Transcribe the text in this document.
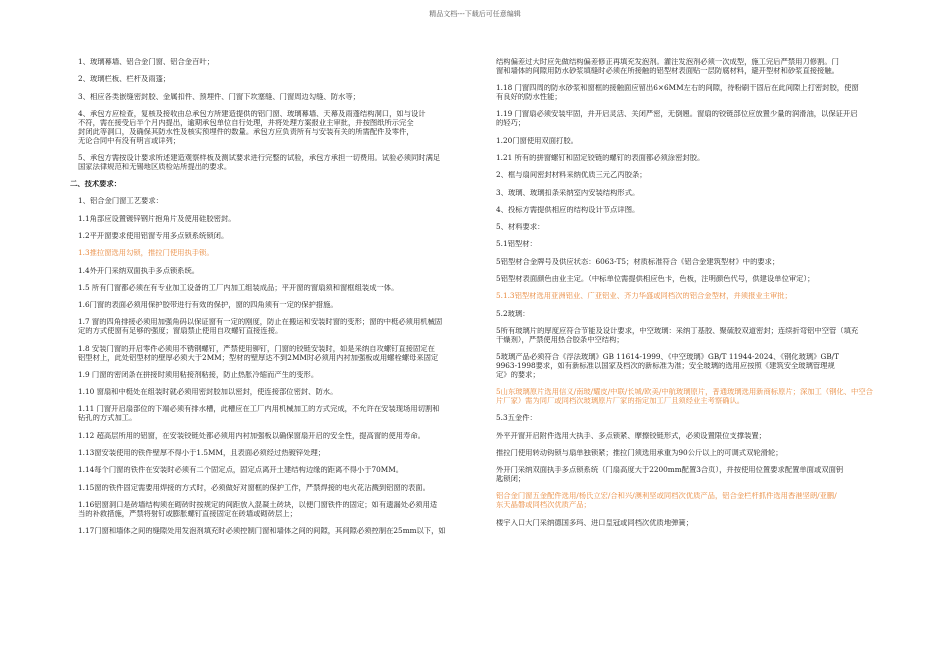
精品文档---下载后可任意编辑
1、玻璃幕墙、铝合金门窗、铝合金百叶；
2、玻璃栏板、栏杆及雨篷；
3、相应各类嵌缝密封胶、金属扣件、预埋件、门窗下坎塞缝、门窗周边勾缝、防水等；
4、承包方应检查，复核及接收由总承包方所建造提供的铝门窗、玻璃幕墙、天幕及雨蓬结构洞口，如与设计
不符，需在接受后半个月内提出，逾期承包单位自行处理，并将处理方案报业主审批，并按图纸所示完全
封闭此等洞口，及确保其防水性及核实预埋件的数量。承包方应负责所有与安装有关的所需配件及零件，
无论合同中有没有明言或详列；
5、承包方需按设计要求所述建造观察样板及测试要求进行完整的试验，承包方承担一切费用。试验必须同时满足
国家法律规范和无锡地区质检站所提出的要求。
二、技术要求：
1、铝合金门窗工艺要求：
1.1角部应设置镀锌钢片抱角片及使用硅胶密封。
1.2平开窗要求使用铝窗专用多点锁系统锁闭。
1.3推拉窗选用勾锁，推拉门使用执手锁。
1.4外开门采纳双面执手多点锁系统。
1.5 所有门窗都必须在有专业加工设备的工厂内加工组装成品；平开窗的窗扇须和窗框组装成一体。
1.6门窗的表面必须用保护胶带进行有效的保护，窗的四角须有一定的保护措施。
1.7 窗的四角排接必须用加强角码以保证窗有一定的刚度，防止在搬运和安装时窗的变形；窗的中梃必须用机械固
定的方式使窗有足够的强度；窗扇禁止使用自攻螺钉直接连接。
1.8 安装门窗的开启零件必须用不锈钢螺钉，严禁使用铆钉，门窗的铰链安装时，如是采纳自攻螺钉直接固定在
铝型材上，此处铝型材的壁厚必须大于2MM；型材的壁厚达不到2MM时必须用内衬加强板或用螺栓螺母来固定
1.9 门窗的密闭条在拼接时须用粘接剂粘接，防止热胀冷缩而产生的变形。
1.10 窗扇和中梃处在组装时就必须用密封胶加以密封，使连接部位密封、防水。
1.11 门窗开启扇部位的下端必须有排水槽，此槽应在工厂内用机械加工的方式完成，不允许在安装现场用切割和
钻孔的方式加工。
1.12 超高层所用的铝窗，在安装铰链处都必须用内衬加强板以确保窗扇开启的安全性，提高窗的使用寿命。
1.13窗安装使用的铁件壁厚不得小于1.5MM，且表面必须经过热镀锌处理；
1.14每个门窗的铁件在安装时必须有二个固定点，固定点离开土建结构边缘的距离不得小于70MM。
1.15窗的铁件固定需要用焊接的方式时，必须做好对窗框的保护工作，严禁焊接的电火花沾溅到铝窗的表面。
1.16铝窗洞口是砖墙结构须在砌砖时按规定的间距放入混凝土砖块，以便门窗铁件的固定；如有遗漏处必须用适
当的补救措施，严禁将射钉或膨胀螺钉直接固定在砖墙或砌砖层上；
1.17门窗和墙体之间的缝隙处用发泡剂填充时必须控制门窗和墙体之间的间隙，其间隙必须控制在25mm以下，如
结构偏差过大时应先做结构偏差修正再填充发泡剂。灌注发泡剂必须一次成型，施工完后严禁用刀修割。门
窗和墙体的间隙用防水砂浆填缝时必须在所接触的铝型材表面贴一层防腐材料，避开型材和砂浆直接接触。
1.18 门窗四周的防水砂浆和窗框的接触面应留出6×6MM左右的间隙，待粉刷干固后在此间隙上打密封胶，使窗
有良好的防水性能；
1.19 门窗扇必须安装牢固，并开启灵活、关闭严密，无倒翘。窗扇的铰链部位应放置少量的润滑油，以保证开启
的轻巧；
1.20门窗使用双面打胶。
1.21 所有的拼窗螺钉和固定铰链的螺钉的表面都必须涂密封胶。
2、框与扇间密封材料采纳优质三元乙丙胶条；
3、玻璃、玻璃扣条采纳室内安装结构形式。
4、投标方需提供相应的结构设计节点详图。
5、材料要求：
5.1铝型材：
5铝型材合金牌号及供应状态：6063-T5；材质标准符合《铝合金建筑型材》中的要求；
5铝型材表面颜色由业主定。（中标单位需提供相应色卡，色板，注明颜色代号，供建设单位审定）；
5.1.3铝型材选用亚洲铝业、广亚铝业、齐力华盛或同档次的铝合金型材，并须报业主审批；
5.2玻璃：
5所有玻璃片的厚度应符合节能及设计要求，中空玻璃：采纳丁基胶、聚硫胶双道密封；连续折弯铝中空管（填充
干燥剂），严禁使用热合胶条中空结构；
5玻璃产品必须符合《浮法玻璃》GB 11614-1999、《中空玻璃》GB/T 11944-2024、《钢化玻璃》GB/T
9963-1998要求，如有新标准以国家及档次的新标准为准；安全玻璃的选用应按照《建筑安全玻璃管理规
定》的要求；
5山东玻璃原片选用信义/南玻/耀皮/中联/长城/欧美/中航玻璃原片，普通玻璃选用新商标原片；深加工（钢化、中空合
片厂家）需为同厂或同档次玻璃原片厂家的指定加工厂且须经业主考察确认。
5.3五金件：
外平开窗开启附件选用大执手、多点锁紧、摩擦铰链形式，必须设置限位支撑装置；
推拉门使用转动钩锁与扇单独锁紧；推拉门须选用承重为90公斤以上的可调式双轮滑轮；
外开门采纳双面执手多点锁系统（门扇高度大于2200mm配置3合页），并按使用位置要求配置单面或双面钥
匙锁闭；
铝合金门窗五金配件选用/杨氏立宏/合和兴/澳利坚或同档次优质产品，铝合金栏杆抓件选用香港坚朗/亚鹏/
东天晶磐或同档次优质产品；
楼宇入口大门采纳德国多玛、进口皇冠或同档次优质地弹簧；
